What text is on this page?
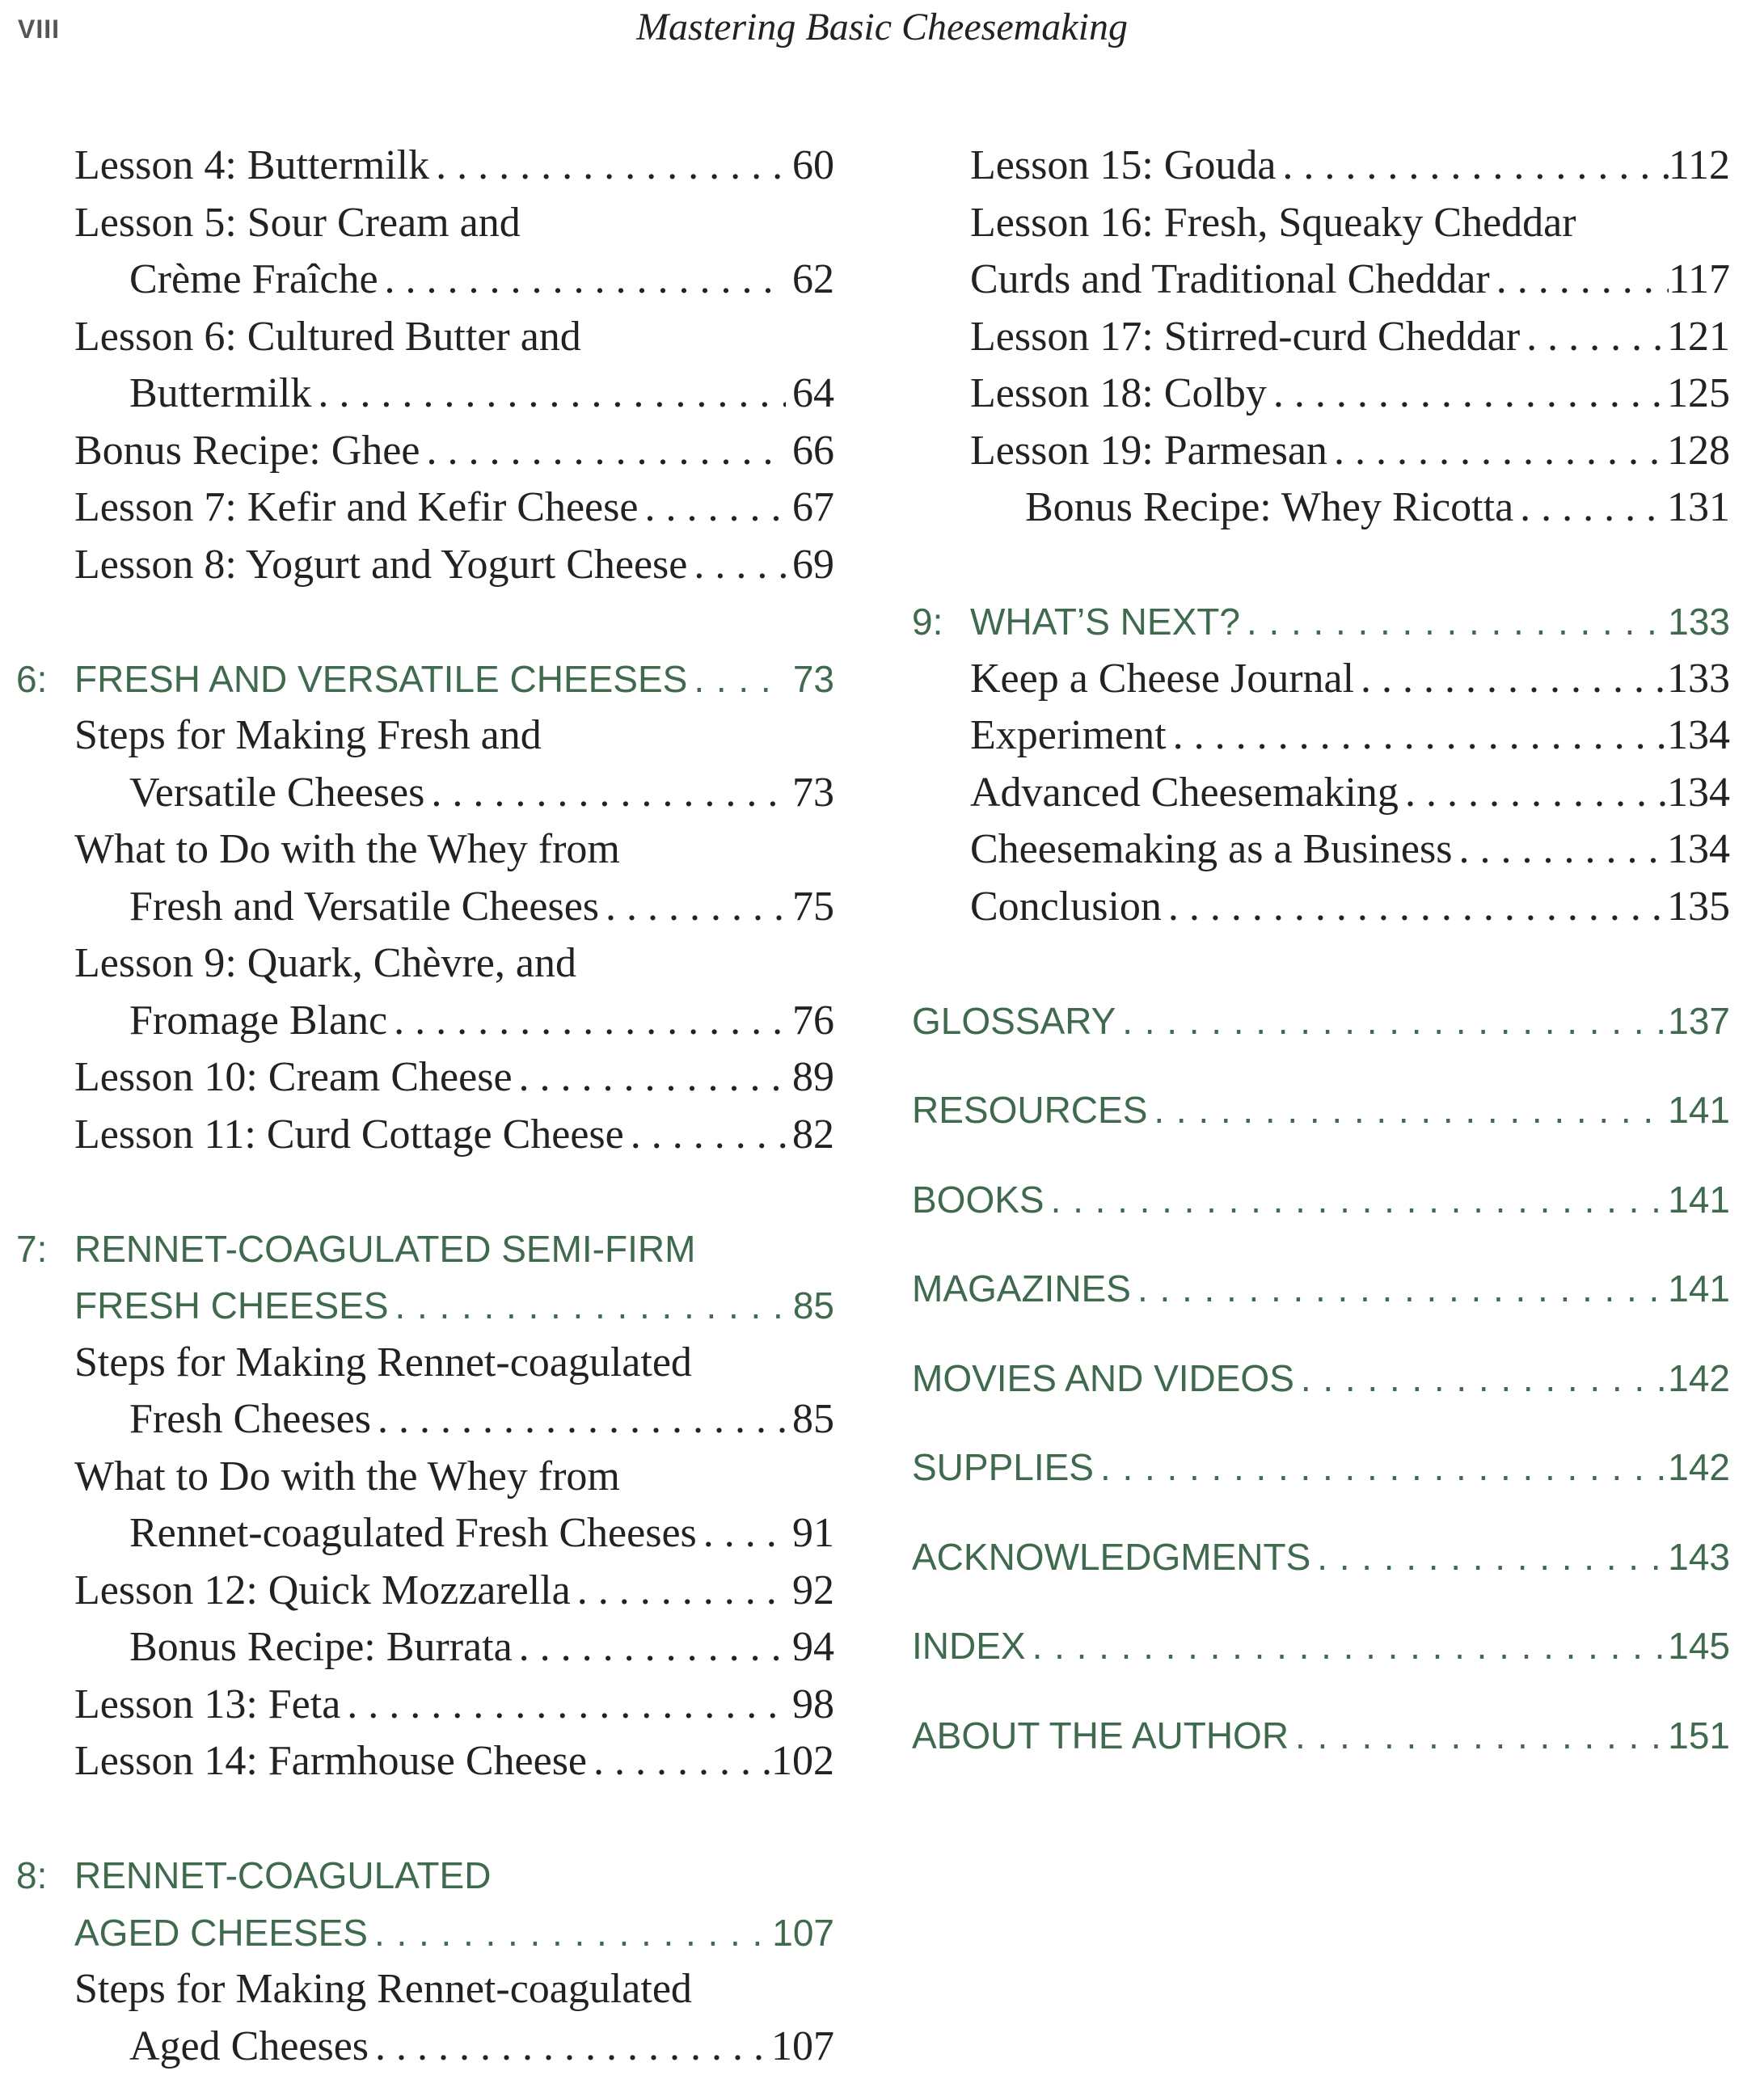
VIII	Mastering Basic Cheesemaking
Lesson 4: Buttermilk . . .	60
Lesson 5: Sour Cream and
Crème Fraîche . . .	62
Lesson 6: Cultured Butter and
Buttermilk . . .	64
Bonus Recipe: Ghee . . .	66
Lesson 7: Kefir and Kefir Cheese . . .	67
Lesson 8: Yogurt and Yogurt Cheese . . . 69
6: FRESH AND VERSATILE CHEESES .....	73
Steps for Making Fresh and
Versatile Cheeses . . .	73
What to Do with the Whey from
Fresh and Versatile Cheeses . . .	75
Lesson 9: Quark, Chèvre, and
Fromage Blanc . . .	76
Lesson 10: Cream Cheese . . .	89
Lesson 11: Curd Cottage Cheese . . .	82
7: RENNET-COAGULATED SEMI-FIRM
FRESH CHEESES .....	85
Steps for Making Rennet-coagulated
Fresh Cheeses . . .	85
What to Do with the Whey from
Rennet-coagulated Fresh Cheeses . . . 91
Lesson 12: Quick Mozzarella . . .	92
Bonus Recipe: Burrata . . .	94
Lesson 13: Feta . . .	98
Lesson 14: Farmhouse Cheese . . .	102
8: RENNET-COAGULATED
AGED CHEESES .....	107
Steps for Making Rennet-coagulated
Aged Cheeses . . .	107
Lesson 15: Gouda . . .	112
Lesson 16: Fresh, Squeaky Cheddar
Curds and Traditional Cheddar . . .	117
Lesson 17: Stirred-curd Cheddar . . .	121
Lesson 18: Colby . . .	125
Lesson 19: Parmesan . . .	128
Bonus Recipe: Whey Ricotta . . .	131
9: WHAT’S NEXT? .....	133
Keep a Cheese Journal . . .	133
Experiment . . .	134
Advanced Cheesemaking . . .	134
Cheesemaking as a Business . . .	134
Conclusion . . .	135
GLOSSARY .....	137
RESOURCES .....	141
BOOKS .....	141
MAGAZINES .....	141
MOVIES AND VIDEOS .....	142
SUPPLIES .....	142
ACKNOWLEDGMENTS .....	143
INDEX .....	145
ABOUT THE AUTHOR .....	151
